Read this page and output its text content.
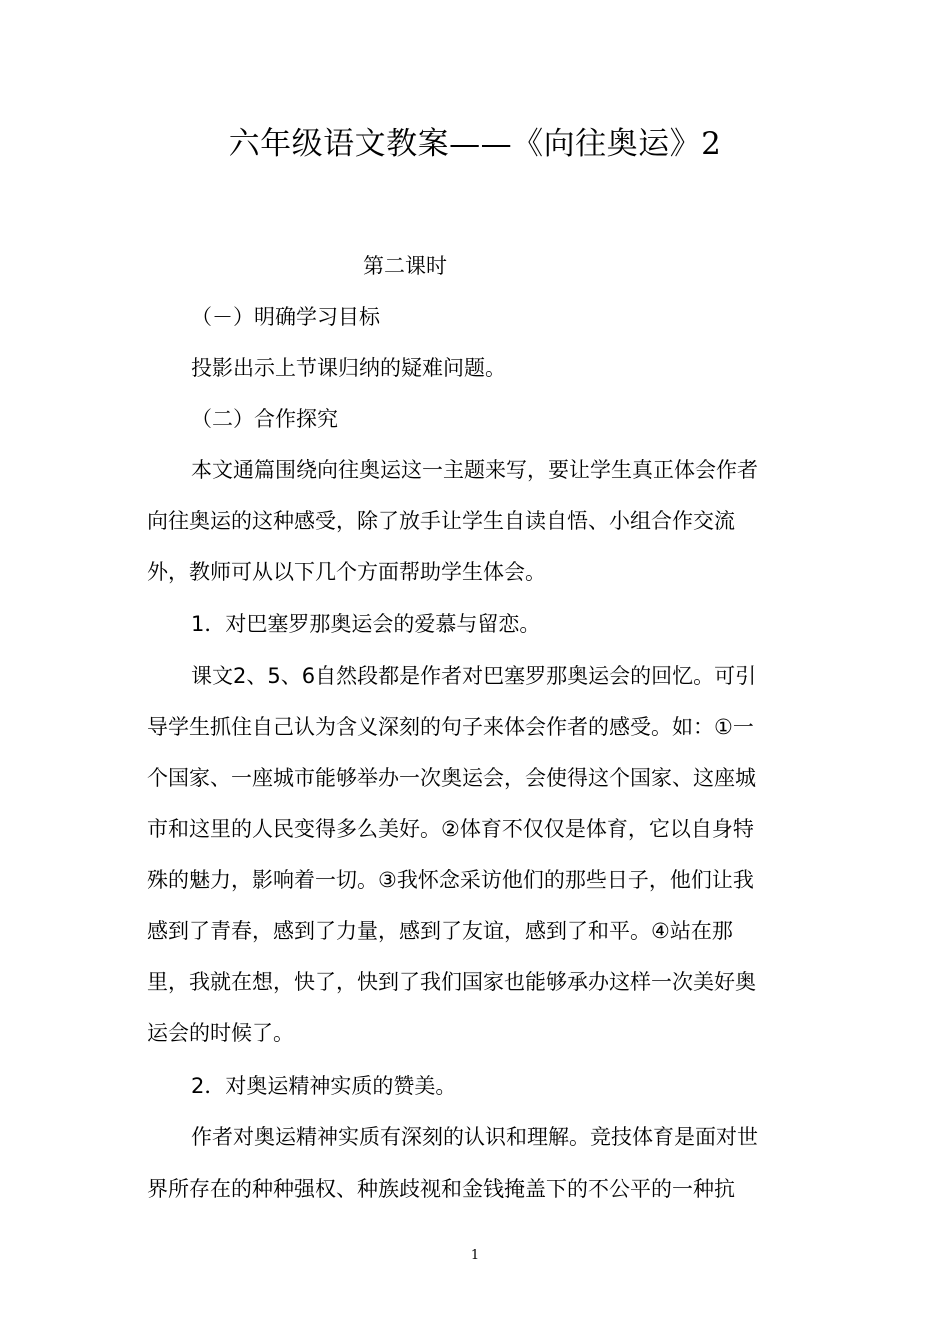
六年级语文教案——《向往奥运》2
第二课时
（－）明确学习目标
投影出示上节课归纳的疑难问题。
（二）合作探究
本文通篇围绕向往奥运这一主题来写，要让学生真正体会作者
向往奥运的这种感受，除了放手让学生自读自悟、小组合作交流
外，教师可从以下几个方面帮助学生体会。
1．对巴塞罗那奥运会的爱慕与留恋。
课文2、5、6自然段都是作者对巴塞罗那奥运会的回忆。可引
导学生抓住自己认为含义深刻的句子来体会作者的感受。如：①一
个国家、一座城市能够举办一次奥运会，会使得这个国家、这座城
市和这里的人民变得多么美好。②体育不仅仅是体育，它以自身特
殊的魅力，影响着一切。③我怀念采访他们的那些日子，他们让我
感到了青春，感到了力量，感到了友谊，感到了和平。④站在那
里，我就在想，快了，快到了我们国家也能够承办这样一次美好奥
运会的时候了。
2．对奥运精神实质的赞美。
作者对奥运精神实质有深刻的认识和理解。竞技体育是面对世
界所存在的种种强权、种族歧视和金钱掩盖下的不公平的一种抗
1
